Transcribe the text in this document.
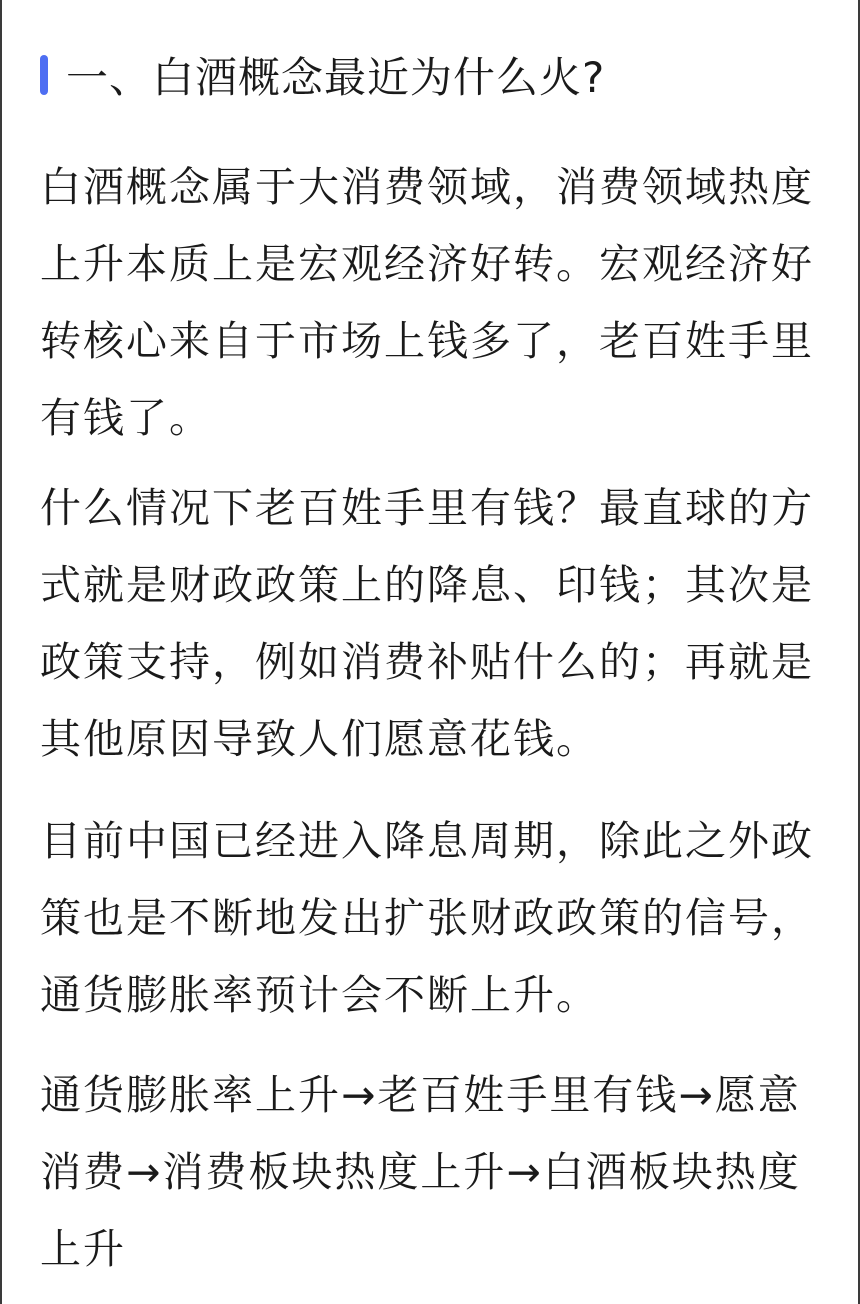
一、白酒概念最近为什么火?

白酒概念属于大消费领域，消费领域热度上升本质上是宏观经济好转。宏观经济好转核心来自于市场上钱多了，老百姓手里有钱了。

什么情况下老百姓手里有钱？最直球的方式就是财政政策上的降息、印钱；其次是政策支持，例如消费补贴什么的；再就是其他原因导致人们愿意花钱。

目前中国已经进入降息周期，除此之外政策也是不断地发出扩张财政政策的信号，通货膨胀率预计会不断上升。

通货膨胀率上升→老百姓手里有钱→愿意消费→消费板块热度上升→白酒板块热度上升
